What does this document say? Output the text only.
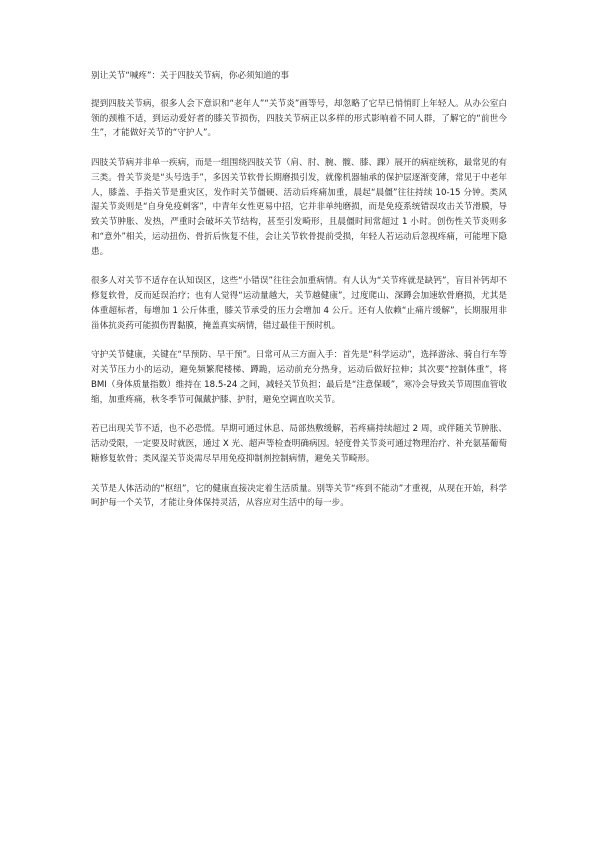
别让关节“喊疼”：关于四肢关节病，你必须知道的事

提到四肢关节病，很多人会下意识和“老年人”“关节炎”画等号，却忽略了它早已悄悄盯上年轻人。从办公室白领的颈椎不适，到运动爱好者的膝关节损伤，四肢关节病正以多样的形式影响着不同人群，了解它的“前世今生”，才能做好关节的“守护人”。

四肢关节病并非单一疾病，而是一组围绕四肢关节（肩、肘、腕、髋、膝、踝）展开的病症统称，最常见的有三类。骨关节炎是“头号选手”，多因关节软骨长期磨损引发，就像机器轴承的保护层逐渐变薄，常见于中老年人，膝盖、手指关节是重灾区，发作时关节僵硬、活动后疼痛加重，晨起“晨僵”往往持续 10-15 分钟。类风湿关节炎则是“自身免疫刺客”，中青年女性更易中招，它并非单纯磨损，而是免疫系统错误攻击关节滑膜，导致关节肿胀、发热，严重时会破坏关节结构，甚至引发畸形，且晨僵时间常超过 1 小时。创伤性关节炎则多和“意外”相关，运动扭伤、骨折后恢复不佳，会让关节软骨提前受损，年轻人若运动后忽视疼痛，可能埋下隐患。

很多人对关节不适存在认知误区，这些“小错误”往往会加重病情。有人认为“关节疼就是缺钙”，盲目补钙却不修复软骨，反而延误治疗；也有人觉得“运动量越大，关节越健康”，过度爬山、深蹲会加速软骨磨损，尤其是体重超标者，每增加 1 公斤体重，膝关节承受的压力会增加 4 公斤。还有人依赖“止痛片缓解”，长期服用非甾体抗炎药可能损伤胃黏膜，掩盖真实病情，错过最佳干预时机。

守护关节健康，关键在“早预防、早干预”。日常可从三方面入手：首先是“科学运动”，选择游泳、骑自行车等对关节压力小的运动，避免频繁爬楼梯、蹲跪，运动前充分热身，运动后做好拉伸；其次要“控制体重”，将 BMI（身体质量指数）维持在 18.5-24 之间，减轻关节负担；最后是“注意保暖”，寒冷会导致关节周围血管收缩，加重疼痛，秋冬季节可佩戴护膝、护肘，避免空调直吹关节。

若已出现关节不适，也不必恐慌。早期可通过休息、局部热敷缓解，若疼痛持续超过 2 周，或伴随关节肿胀、活动受限，一定要及时就医，通过 X 光、超声等检查明确病因。轻度骨关节炎可通过物理治疗、补充氨基葡萄糖修复软骨；类风湿关节炎需尽早用免疫抑制剂控制病情，避免关节畸形。

关节是人体活动的“枢纽”，它的健康直接决定着生活质量。别等关节“疼到不能动”才重视，从现在开始，科学呵护每一个关节，才能让身体保持灵活，从容应对生活中的每一步。
